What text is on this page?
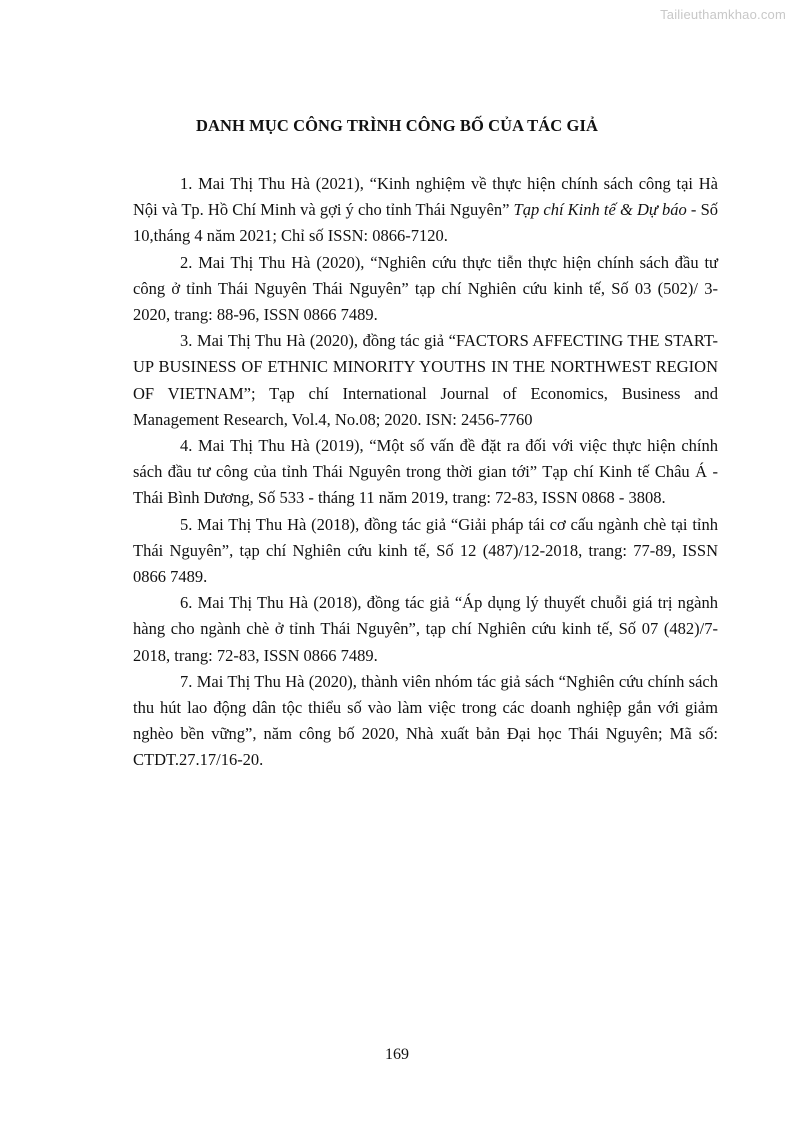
Tailieuthamkhao.com
DANH MỤC CÔNG TRÌNH CÔNG BỐ CỦA TÁC GIẢ

1. Mai Thị Thu Hà (2021), “Kinh nghiệm về thực hiện chính sách công tại Hà Nội và Tp. Hồ Chí Minh và gợi ý cho tỉnh Thái Nguyên” Tạp chí Kinh tế & Dự báo - Số 10,tháng 4 năm 2021; Chỉ số ISSN: 0866-7120.

2. Mai Thị Thu Hà (2020), “Nghiên cứu thực tiễn thực hiện chính sách đầu tư công ở tỉnh Thái Nguyên Thái Nguyên” tạp chí Nghiên cứu kinh tế, Số 03 (502)/ 3-2020, trang: 88-96, ISSN 0866 7489.

3. Mai Thị Thu Hà (2020), đồng tác giả “FACTORS AFFECTING THE START-UP BUSINESS OF ETHNIC MINORITY YOUTHS IN THE NORTHWEST REGION OF VIETNAM”; Tạp chí International Journal of Economics, Business and Management Research, Vol.4, No.08; 2020. ISN: 2456-7760

4. Mai Thị Thu Hà (2019), “Một số vấn đề đặt ra đối với việc thực hiện chính sách đầu tư công của tỉnh Thái Nguyên trong thời gian tới” Tạp chí Kinh tế Châu Á - Thái Bình Dương, Số 533 - tháng 11 năm 2019, trang: 72-83, ISSN 0868 - 3808.

5. Mai Thị Thu Hà (2018), đồng tác giả “Giải pháp tái cơ cấu ngành chè tại tỉnh Thái Nguyên”, tạp chí Nghiên cứu kinh tế, Số 12 (487)/12-2018, trang: 77-89, ISSN 0866 7489.

6. Mai Thị Thu Hà (2018), đồng tác giả “Áp dụng lý thuyết chuỗi giá trị ngành hàng cho ngành chè ở tỉnh Thái Nguyên”, tạp chí Nghiên cứu kinh tế, Số 07 (482)/7-2018, trang: 72-83, ISSN 0866 7489.

7. Mai Thị Thu Hà (2020), thành viên nhóm tác giả sách “Nghiên cứu chính sách thu hút lao động dân tộc thiểu số vào làm việc trong các doanh nghiệp gắn với giảm nghèo bền vững”, năm công bố 2020, Nhà xuất bản Đại học Thái Nguyên; Mã số: CTDT.27.17/16-20.

169
